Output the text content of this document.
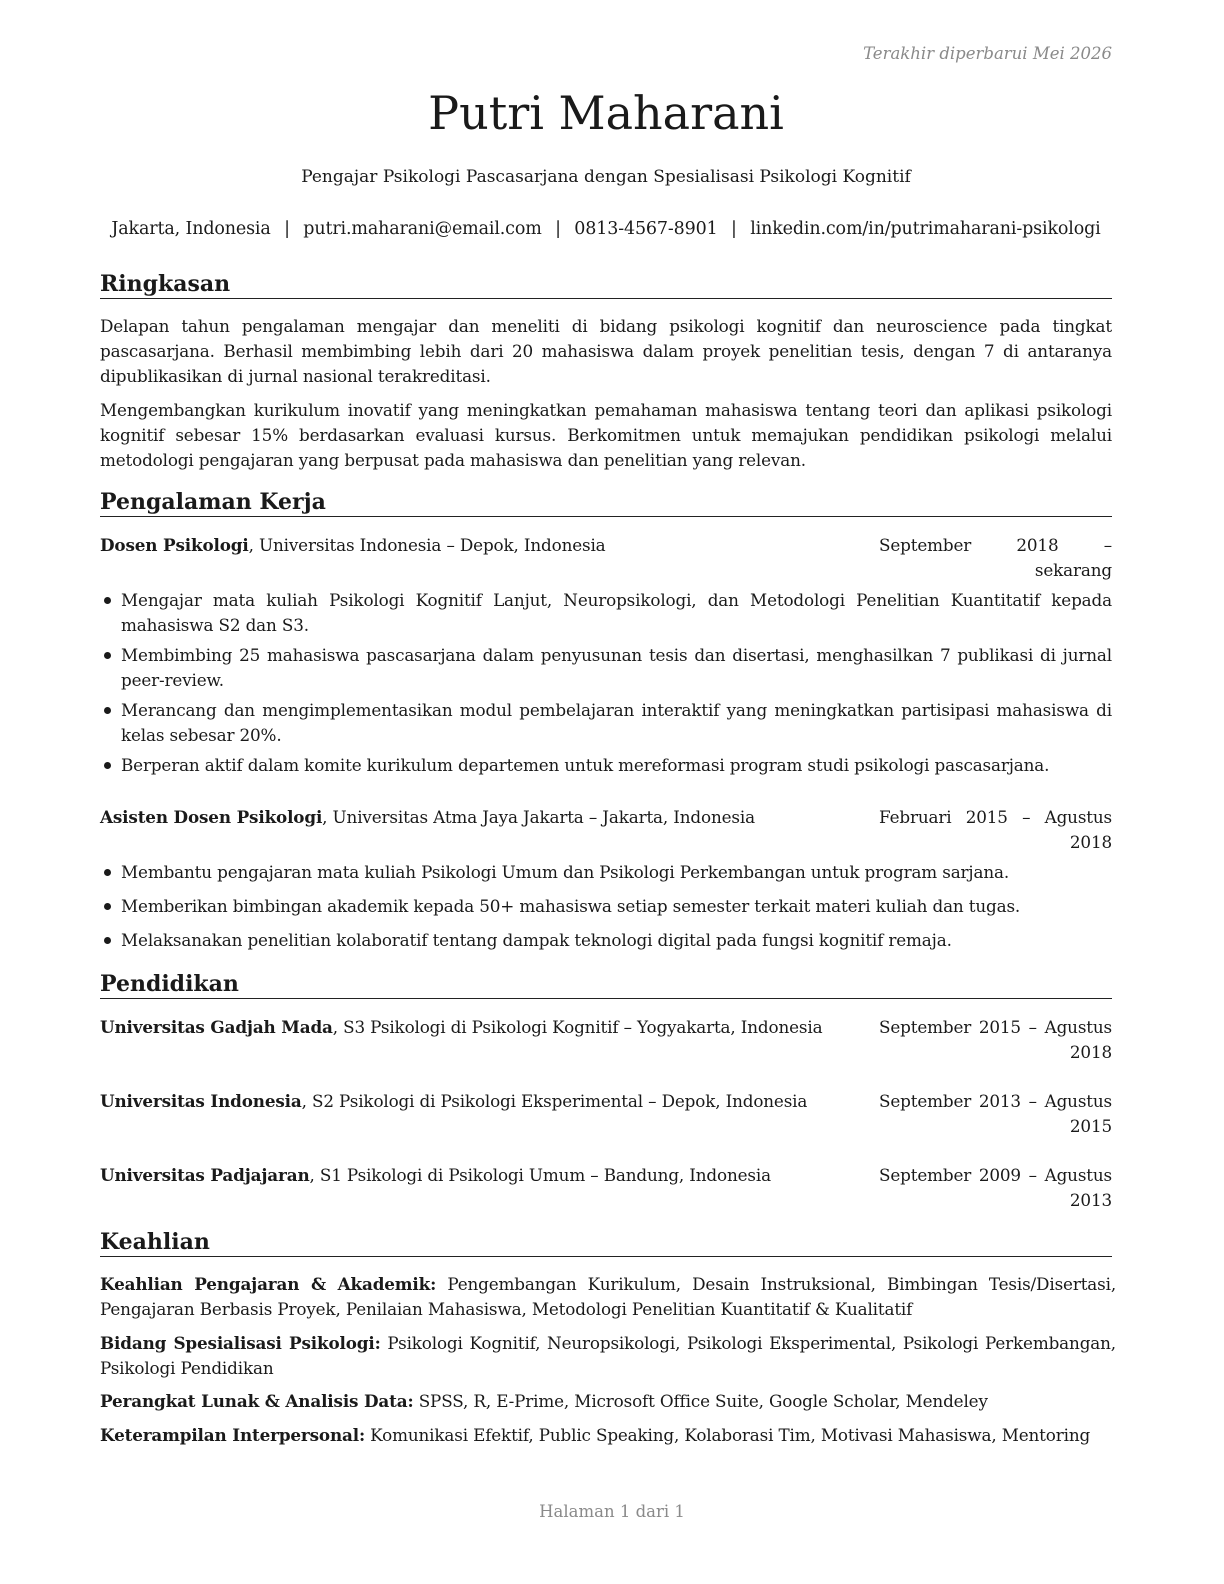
Terakhir diperbarui Mei 2026
Putri Maharani
Pengajar Psikologi Pascasarjana dengan Spesialisasi Psikologi Kognitif
Jakarta, Indonesia | putri.maharani@email.com | 0813-4567-8901 | linkedin.com/in/putrimaharani-psikologi
Ringkasan
Delapan tahun pengalaman mengajar dan meneliti di bidang psikologi kognitif dan neuroscience pada tingkat pascasarjana. Berhasil membimbing lebih dari 20 mahasiswa dalam proyek penelitian tesis, dengan 7 di antaranya dipublikasikan di jurnal nasional terakreditasi.
Mengembangkan kurikulum inovatif yang meningkatkan pemahaman mahasiswa tentang teori dan aplikasi psikologi kognitif sebesar 15% berdasarkan evaluasi kursus. Berkomitmen untuk memajukan pendidikan psikologi melalui metodologi pengajaran yang berpusat pada mahasiswa dan penelitian yang relevan.
Pengalaman Kerja
Dosen Psikologi, Universitas Indonesia – Depok, Indonesia	September 2018 – sekarang
Mengajar mata kuliah Psikologi Kognitif Lanjut, Neuropsikologi, dan Metodologi Penelitian Kuantitatif kepada mahasiswa S2 dan S3.
Membimbing 25 mahasiswa pascasarjana dalam penyusunan tesis dan disertasi, menghasilkan 7 publikasi di jurnal peer-review.
Merancang dan mengimplementasikan modul pembelajaran interaktif yang meningkatkan partisipasi mahasiswa di kelas sebesar 20%.
Berperan aktif dalam komite kurikulum departemen untuk mereformasi program studi psikologi pascasarjana.
Asisten Dosen Psikologi, Universitas Atma Jaya Jakarta – Jakarta, Indonesia	Februari 2015 – Agustus 2018
Membantu pengajaran mata kuliah Psikologi Umum dan Psikologi Perkembangan untuk program sarjana.
Memberikan bimbingan akademik kepada 50+ mahasiswa setiap semester terkait materi kuliah dan tugas.
Melaksanakan penelitian kolaboratif tentang dampak teknologi digital pada fungsi kognitif remaja.
Pendidikan
Universitas Gadjah Mada, S3 Psikologi di Psikologi Kognitif – Yogyakarta, Indonesia	September 2015 – Agustus 2018
Universitas Indonesia, S2 Psikologi di Psikologi Eksperimental – Depok, Indonesia	September 2013 – Agustus 2015
Universitas Padjajaran, S1 Psikologi di Psikologi Umum – Bandung, Indonesia	September 2009 – Agustus 2013
Keahlian
Keahlian Pengajaran & Akademik: Pengembangan Kurikulum, Desain Instruksional, Bimbingan Tesis/Disertasi, Pengajaran Berbasis Proyek, Penilaian Mahasiswa, Metodologi Penelitian Kuantitatif & Kualitatif
Bidang Spesialisasi Psikologi: Psikologi Kognitif, Neuropsikologi, Psikologi Eksperimental, Psikologi Perkembangan, Psikologi Pendidikan
Perangkat Lunak & Analisis Data: SPSS, R, E-Prime, Microsoft Office Suite, Google Scholar, Mendeley
Keterampilan Interpersonal: Komunikasi Efektif, Public Speaking, Kolaborasi Tim, Motivasi Mahasiswa, Mentoring
Halaman 1 dari 1
